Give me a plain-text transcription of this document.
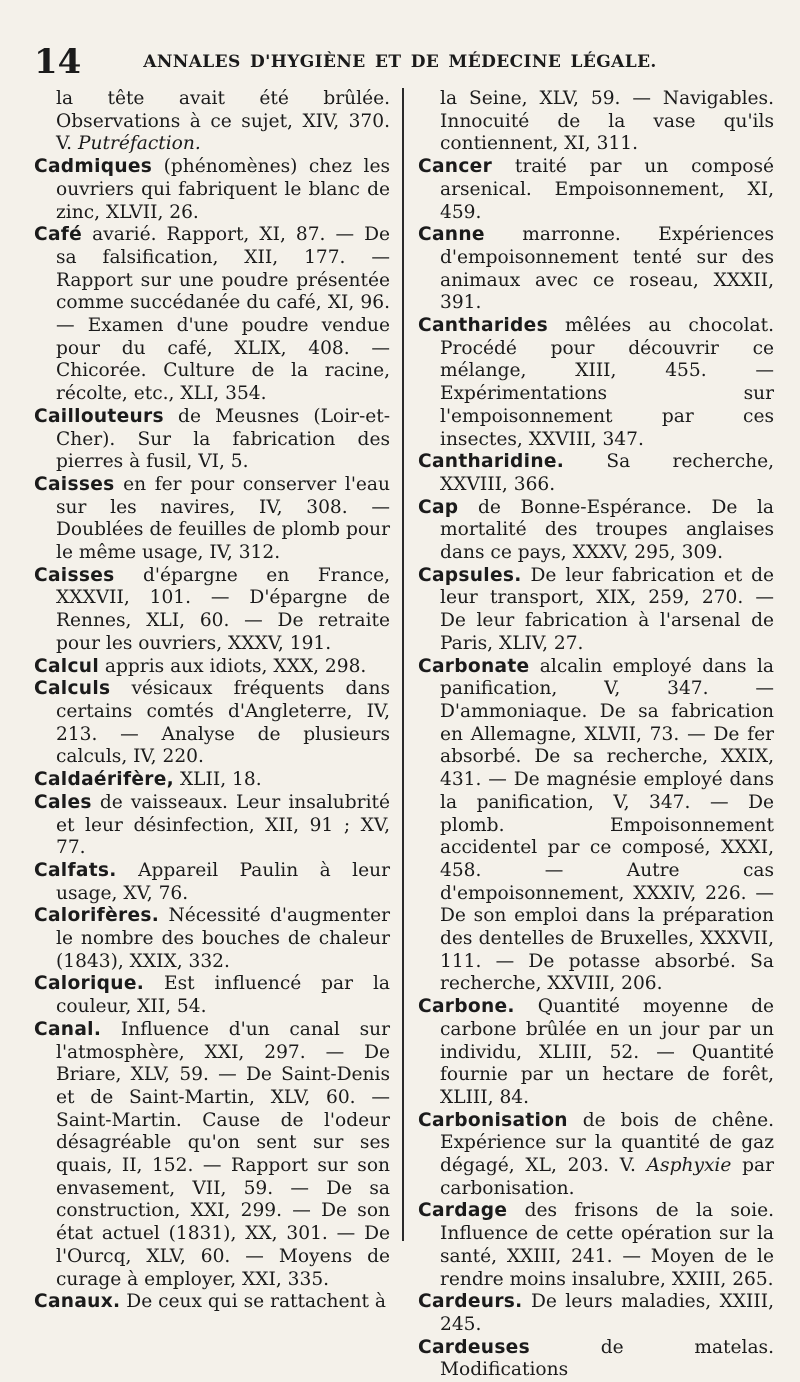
14	ANNALES D'HYGIÈNE ET DE MÉDECINE LÉGALE.

la tête avait été brûlée. Observations à ce sujet, XIV, 370. V. Putréfaction.

Cadmiques (phénomènes) chez les ouvriers qui fabriquent le blanc de zinc, XLVII, 26.

Café avarié. Rapport, XI, 87. — De sa falsification, XII, 177. — Rapport sur une poudre présentée comme succédanée du café, XI, 96. — Examen d'une poudre vendue pour du café, XLIX, 408. — Chicorée. Culture de la racine, récolte, etc., XLI, 354.

Caillouteurs de Meusnes (Loir-et-Cher). Sur la fabrication des pierres à fusil, VI, 5.

Caisses en fer pour conserver l'eau sur les navires, IV, 308. — Doublées de feuilles de plomb pour le même usage, IV, 312.

Caisses d'épargne en France, XXXVII, 101. — D'épargne de Rennes, XLI, 60. — De retraite pour les ouvriers, XXXV, 191.

Calcul appris aux idiots, XXX, 298.

Calculs vésicaux fréquents dans certains comtés d'Angleterre, IV, 213. — Analyse de plusieurs calculs, IV, 220.

Caldaérifère, XLII, 18.

Cales de vaisseaux. Leur insalubrité et leur désinfection, XII, 91 ; XV, 77.

Calfats. Appareil Paulin à leur usage, XV, 76.

Calorifères. Nécessité d'augmenter le nombre des bouches de chaleur (1843), XXIX, 332.

Calorique. Est influencé par la couleur, XII, 54.

Canal. Influence d'un canal sur l'atmosphère, XXI, 297. — De Briare, XLV, 59. — De Saint-Denis et de Saint-Martin, XLV, 60. — Saint-Martin. Cause de l'odeur désagréable qu'on sent sur ses quais, II, 152. — Rapport sur son envasement, VII, 59. — De sa construction, XXI, 299. — De son état actuel (1831), XX, 301. — De l'Ourcq, XLV, 60. — Moyens de curage à employer, XXI, 335.

Canaux. De ceux qui se rattachent à

la Seine, XLV, 59. — Navigables. Innocuité de la vase qu'ils contiennent, XI, 311.

Cancer traité par un composé arsenical. Empoisonnement, XI, 459.

Canne marronne. Expériences d'empoisonnement tenté sur des animaux avec ce roseau, XXXII, 391.

Cantharides mêlées au chocolat. Procédé pour découvrir ce mélange, XIII, 455. — Expérimentations sur l'empoisonnement par ces insectes, XXVIII, 347.

Cantharidine. Sa recherche, XXVIII, 366.

Cap de Bonne-Espérance. De la mortalité des troupes anglaises dans ce pays, XXXV, 295, 309.

Capsules. De leur fabrication et de leur transport, XIX, 259, 270. — De leur fabrication à l'arsenal de Paris, XLIV, 27.

Carbonate alcalin employé dans la panification, V, 347. — D'ammoniaque. De sa fabrication en Allemagne, XLVII, 73. — De fer absorbé. De sa recherche, XXIX, 431. — De magnésie employé dans la panification, V, 347. — De plomb. Empoisonnement accidentel par ce composé, XXXI, 458. — Autre cas d'empoisonnement, XXXIV, 226. — De son emploi dans la préparation des dentelles de Bruxelles, XXXVII, 111. — De potasse absorbé. Sa recherche, XXVIII, 206.

Carbone. Quantité moyenne de carbone brûlée en un jour par un individu, XLIII, 52. — Quantité fournie par un hectare de forêt, XLIII, 84.

Carbonisation de bois de chêne. Expérience sur la quantité de gaz dégagé, XL, 203. V. Asphyxie par carbonisation.

Cardage des frisons de la soie. Influence de cette opération sur la santé, XXIII, 241. — Moyen de le rendre moins insalubre, XXIII, 265.

Cardeurs. De leurs maladies, XXIII, 245.

Cardeuses de matelas. Modifications
